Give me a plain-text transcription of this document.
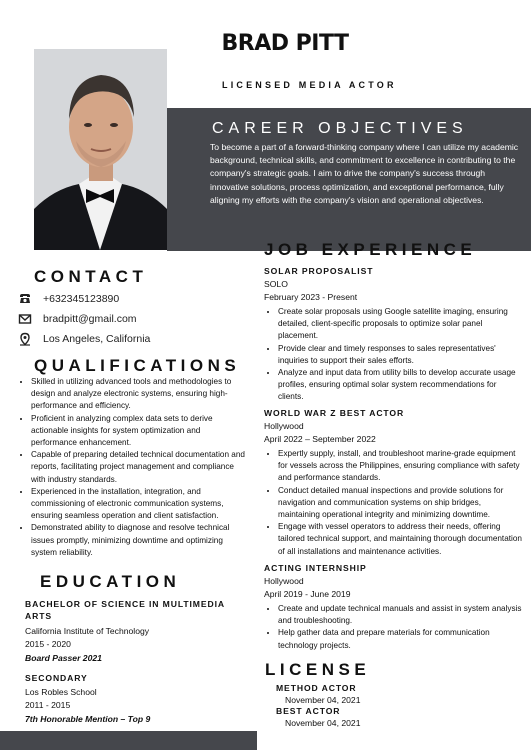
BRAD PITT
LICENSED MEDIA ACTOR
CAREER OBJECTIVES

To become a part of a forward-thinking company where I can utilize my academic background, technical skills, and commitment to excellence in contributing to the company's strategic goals. I aim to drive the company's success through innovative solutions, process optimization, and exceptional performance, fully aligning my efforts with the company's vision and operational objectives.

CONTACT
+632345123890
bradpitt@gmail.com
Los Angeles, California
QUALIFICATIONS
• Skilled in utilizing advanced tools and methodologies to design and analyze electronic systems, ensuring high-performance and efficiency.
• Proficient in analyzing complex data sets to derive actionable insights for system optimization and performance enhancement.
• Capable of preparing detailed technical documentation and reports, facilitating project management and compliance with industry standards.
• Experienced in the installation, integration, and commissioning of electronic communication systems, ensuring seamless operation and client satisfaction.
• Demonstrated ability to diagnose and resolve technical issues promptly, minimizing downtime and optimizing system reliability.
EDUCATION
BACHELOR OF SCIENCE IN MULTIMEDIA ARTS
California Institute of Technology
2015 - 2020
Board Passer 2021
SECONDARY
Los Robles School
2011 - 2015
7th Honorable Mention – Top 9
JOB EXPERIENCE
SOLAR PROPOSALIST
SOLO
February 2023 - Present
• Create solar proposals using Google satellite imaging, ensuring detailed, client-specific proposals to optimize solar panel placement.
• Provide clear and timely responses to sales representatives' inquiries to support their sales efforts.
• Analyze and input data from utility bills to develop accurate usage profiles, ensuring optimal solar system recommendations for clients.
WORLD WAR Z BEST ACTOR
Hollywood
April 2022 – September 2022
• Expertly supply, install, and troubleshoot marine-grade equipment for vessels across the Philippines, ensuring compliance with safety and performance standards.
• Conduct detailed manual inspections and provide solutions for navigation and communication systems on ship bridges, maintaining operational integrity and minimizing downtime.
• Engage with vessel operators to address their needs, offering tailored technical support, and maintaining thorough documentation of all installations and maintenance activities.
ACTING INTERNSHIP
Hollywood
April 2019 - June 2019
• Create and update technical manuals and assist in system analysis and troubleshooting.
• Help gather data and prepare materials for communication technology projects.
LICENSE
METHOD ACTOR
November 04, 2021
BEST ACTOR
November 04, 2021
